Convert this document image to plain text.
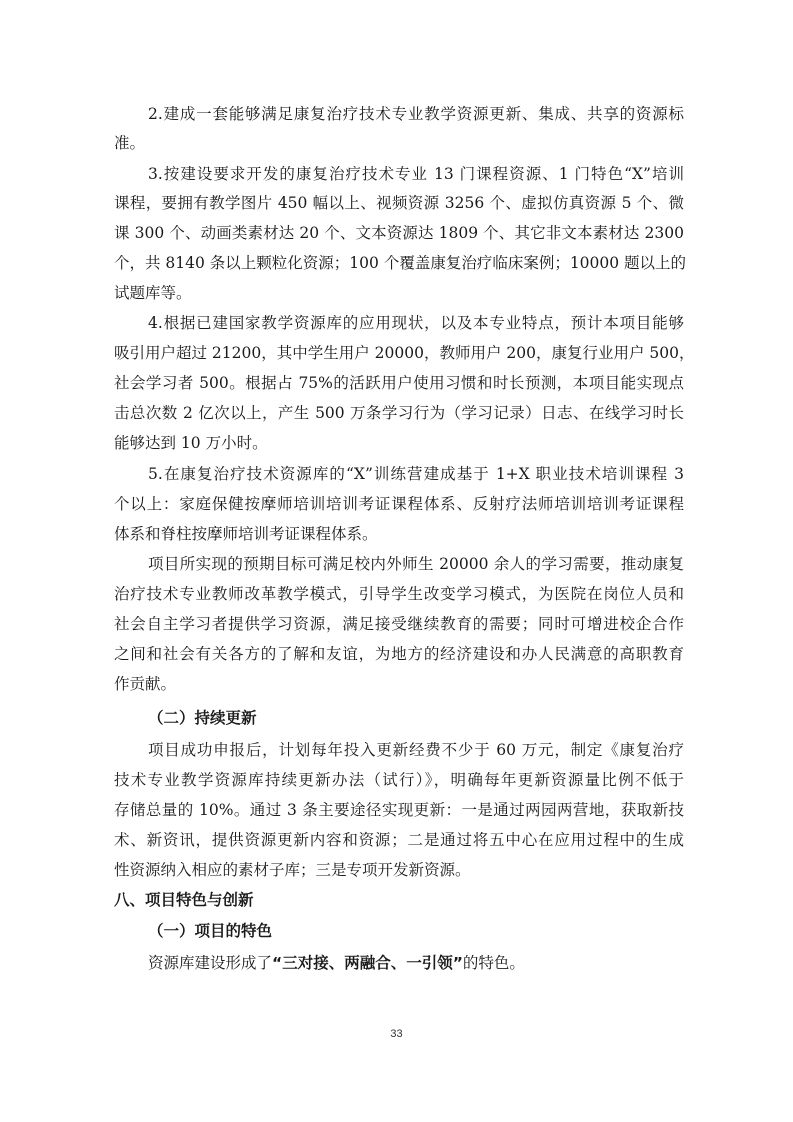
2.建成一套能够满足康复治疗技术专业教学资源更新、集成、共享的资源标
准。
3.按建设要求开发的康复治疗技术专业 13 门课程资源、1 门特色“X”培训
课程，要拥有教学图片 450 幅以上、视频资源 3256 个、虚拟仿真资源 5 个、微
课 300 个、动画类素材达 20 个、文本资源达 1809 个、其它非文本素材达 2300
个，共 8140 条以上颗粒化资源；100 个覆盖康复治疗临床案例；10000 题以上的
试题库等。
4.根据已建国家教学资源库的应用现状，以及本专业特点，预计本项目能够
吸引用户超过 21200，其中学生用户 20000，教师用户 200，康复行业用户 500，
社会学习者 500。根据占 75%的活跃用户使用习惯和时长预测，本项目能实现点
击总次数 2 亿次以上，产生 500 万条学习行为（学习记录）日志、在线学习时长
能够达到 10 万小时。
5.在康复治疗技术资源库的“X”训练营建成基于 1+X 职业技术培训课程 3
个以上：家庭保健按摩师培训培训考证课程体系、反射疗法师培训培训考证课程
体系和脊柱按摩师培训考证课程体系。
项目所实现的预期目标可满足校内外师生 20000 余人的学习需要，推动康复
治疗技术专业教师改革教学模式，引导学生改变学习模式，为医院在岗位人员和
社会自主学习者提供学习资源，满足接受继续教育的需要；同时可增进校企合作
之间和社会有关各方的了解和友谊，为地方的经济建设和办人民满意的高职教育
作贡献。
（二）持续更新
项目成功申报后，计划每年投入更新经费不少于 60 万元，制定《康复治疗
技术专业教学资源库持续更新办法（试行）》，明确每年更新资源量比例不低于
存储总量的 10%。通过 3 条主要途径实现更新：一是通过两园两营地，获取新技
术、新资讯，提供资源更新内容和资源；二是通过将五中心在应用过程中的生成
性资源纳入相应的素材子库；三是专项开发新资源。
八、项目特色与创新
（一）项目的特色
资源库建设形成了“三对接、两融合、一引领”的特色。
33
